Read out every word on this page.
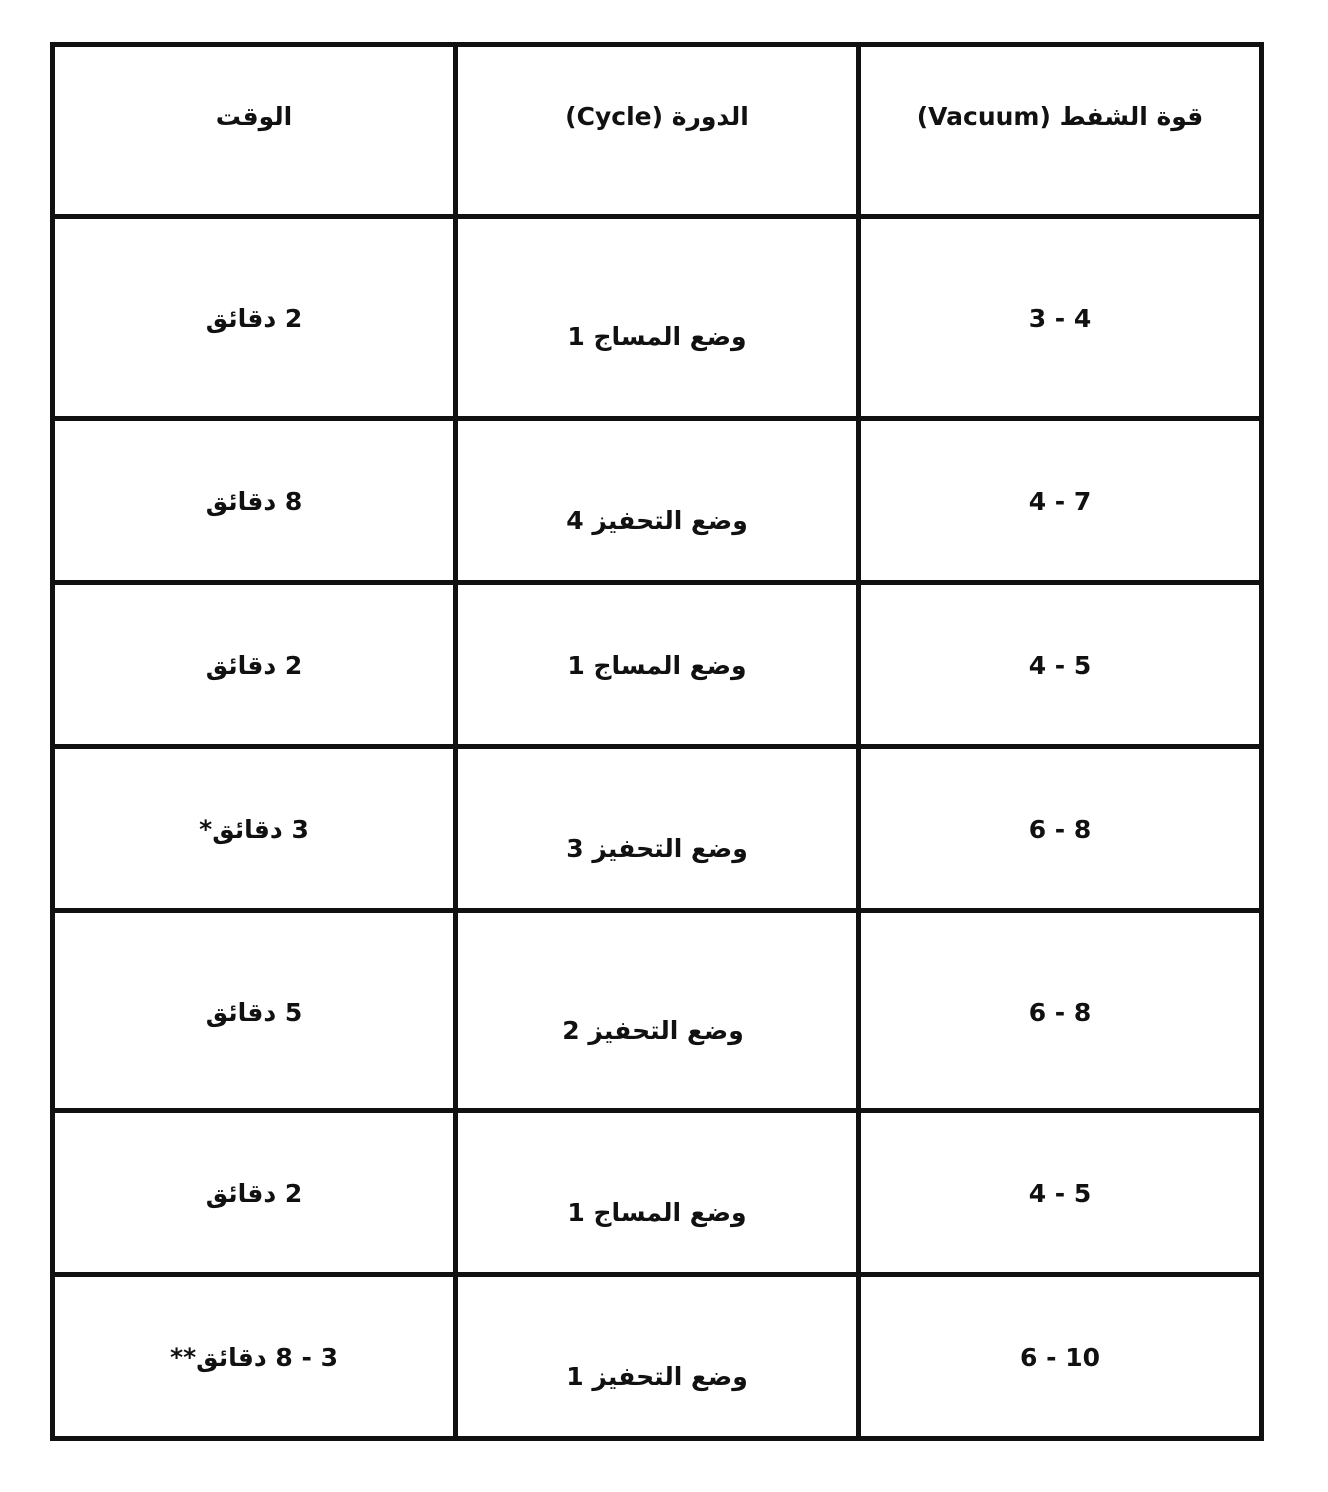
الوقت	الدورة (Cycle)	قوة الشفط (Vacuum)

2 دقائق	وضع المساج 1	3 - 4

8 دقائق	وضع التحفيز 4	4 - 7

2 دقائق	وضع المساج 1	4 - 5

3 دقائق*	وضع التحفيز 3	6 - 8

5 دقائق	وضع التحفيز 2	6 - 8

2 دقائق	وضع المساج 1	4 - 5

3 - 8 دقائق**	وضع التحفيز 1	6 - 10
